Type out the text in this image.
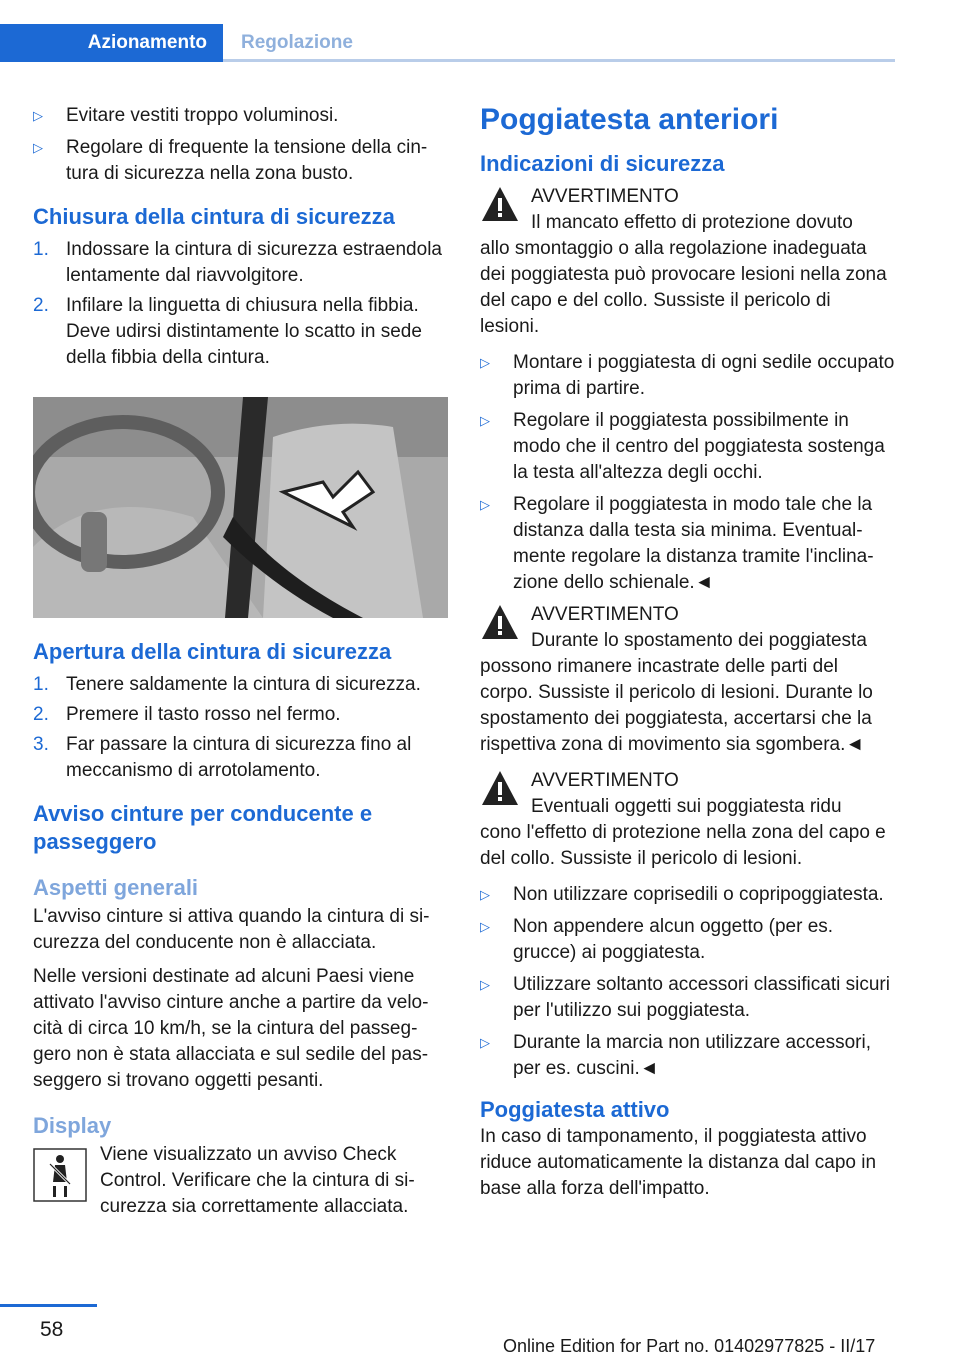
Azionamento	Regolazione
▷	Evitare vestiti troppo voluminosi.
▷	Regolare di frequente la tensione della cintura di sicurezza nella zona busto.
Chiusura della cintura di sicurezza
1. Indossare la cintura di sicurezza estraendola lentamente dal riavvolgitore.
2. Infilare la linguetta di chiusura nella fibbia. Deve udirsi distintamente lo scatto in sede della fibbia della cintura.
Apertura della cintura di sicurezza
1. Tenere saldamente la cintura di sicurezza.
2. Premere il tasto rosso nel fermo.
3. Far passare la cintura di sicurezza fino al meccanismo di arrotolamento.
Avviso cinture per conducente e passeggero
Aspetti generali

L'avviso cinture si attiva quando la cintura di sicurezza del conducente non è allacciata.

Nelle versioni destinate ad alcuni Paesi viene attivato l'avviso cinture anche a partire da velocità di circa 10 km/h, se la cintura del passeggero non è stata allacciata e sul sedile del passeggero si trovano oggetti pesanti.

Display
Viene visualizzato un avviso Check Control. Verificare che la cintura di sicurezza sia correttamente allacciata.
Poggiatesta anteriori
Indicazioni di sicurezza
AVVERTIMENTO
Il mancato effetto di protezione dovuto
allo smontaggio o alla regolazione inadeguata dei poggiatesta può provocare lesioni nella zona del capo e del collo. Sussiste il pericolo di lesioni.
▷	Montare i poggiatesta di ogni sedile occupato prima di partire.
▷	Regolare il poggiatesta possibilmente in modo che il centro del poggiatesta sostenga la testa all'altezza degli occhi.
▷	Regolare il poggiatesta in modo tale che la distanza dalla testa sia minima. Eventualmente regolare la distanza tramite l'inclinazione dello schienale.◄
AVVERTIMENTO
Durante lo spostamento dei poggiatesta
possono rimanere incastrate delle parti del corpo. Sussiste il pericolo di lesioni. Durante lo spostamento dei poggiatesta, accertarsi che la rispettiva zona di movimento sia sgombera.◄
AVVERTIMENTO
Eventuali oggetti sui poggiatesta ridu
cono l'effetto di protezione nella zona del capo e del collo. Sussiste il pericolo di lesioni.
▷	Non utilizzare coprisedili o copripoggiatesta.
▷	Non appendere alcun oggetto (per es. grucce) ai poggiatesta.
▷	Utilizzare soltanto accessori classificati sicuri per l'utilizzo sui poggiatesta.
▷	Durante la marcia non utilizzare accessori, per es. cuscini.◄
Poggiatesta attivo

In caso di tamponamento, il poggiatesta attivo riduce automaticamente la distanza dal capo in base alla forza dell'impatto.

58
Online Edition for Part no. 01402977825 - II/17
